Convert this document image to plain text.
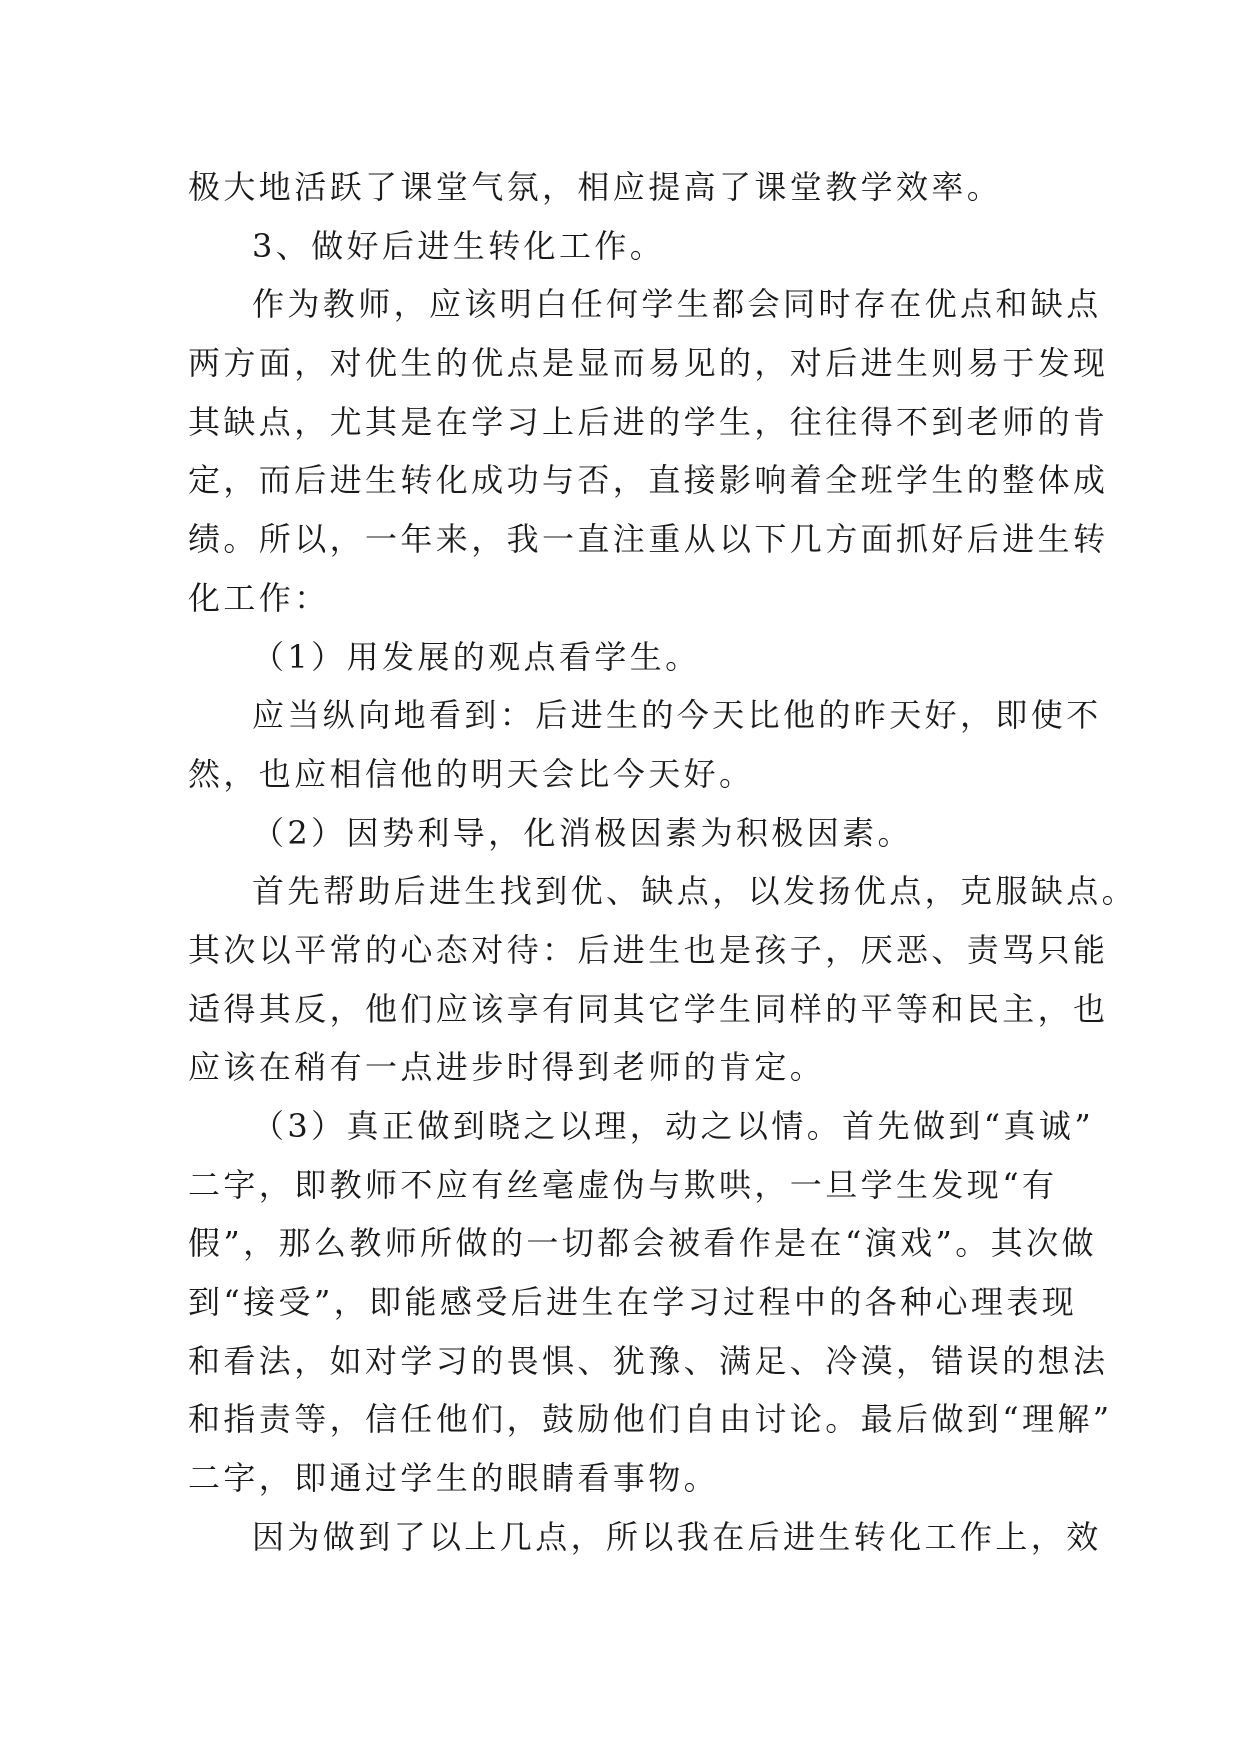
极大地活跃了课堂气氛，相应提高了课堂教学效率。
3、做好后进生转化工作。
作为教师，应该明白任何学生都会同时存在优点和缺点
两方面，对优生的优点是显而易见的，对后进生则易于发现
其缺点，尤其是在学习上后进的学生，往往得不到老师的肯
定，而后进生转化成功与否，直接影响着全班学生的整体成
绩。所以，一年来，我一直注重从以下几方面抓好后进生转
化工作：
（1）用发展的观点看学生。
应当纵向地看到：后进生的今天比他的昨天好，即使不
然，也应相信他的明天会比今天好。
（2）因势利导，化消极因素为积极因素。
首先帮助后进生找到优、缺点，以发扬优点，克服缺点。
其次以平常的心态对待：后进生也是孩子，厌恶、责骂只能
适得其反，他们应该享有同其它学生同样的平等和民主，也
应该在稍有一点进步时得到老师的肯定。
（3）真正做到晓之以理，动之以情。首先做到“真诚”
二字，即教师不应有丝毫虚伪与欺哄，一旦学生发现“有
假”，那么教师所做的一切都会被看作是在“演戏”。其次做
到“接受”，即能感受后进生在学习过程中的各种心理表现
和看法，如对学习的畏惧、犹豫、满足、冷漠，错误的想法
和指责等，信任他们，鼓励他们自由讨论。最后做到“理解”
二字，即通过学生的眼睛看事物。
因为做到了以上几点，所以我在后进生转化工作上，效
